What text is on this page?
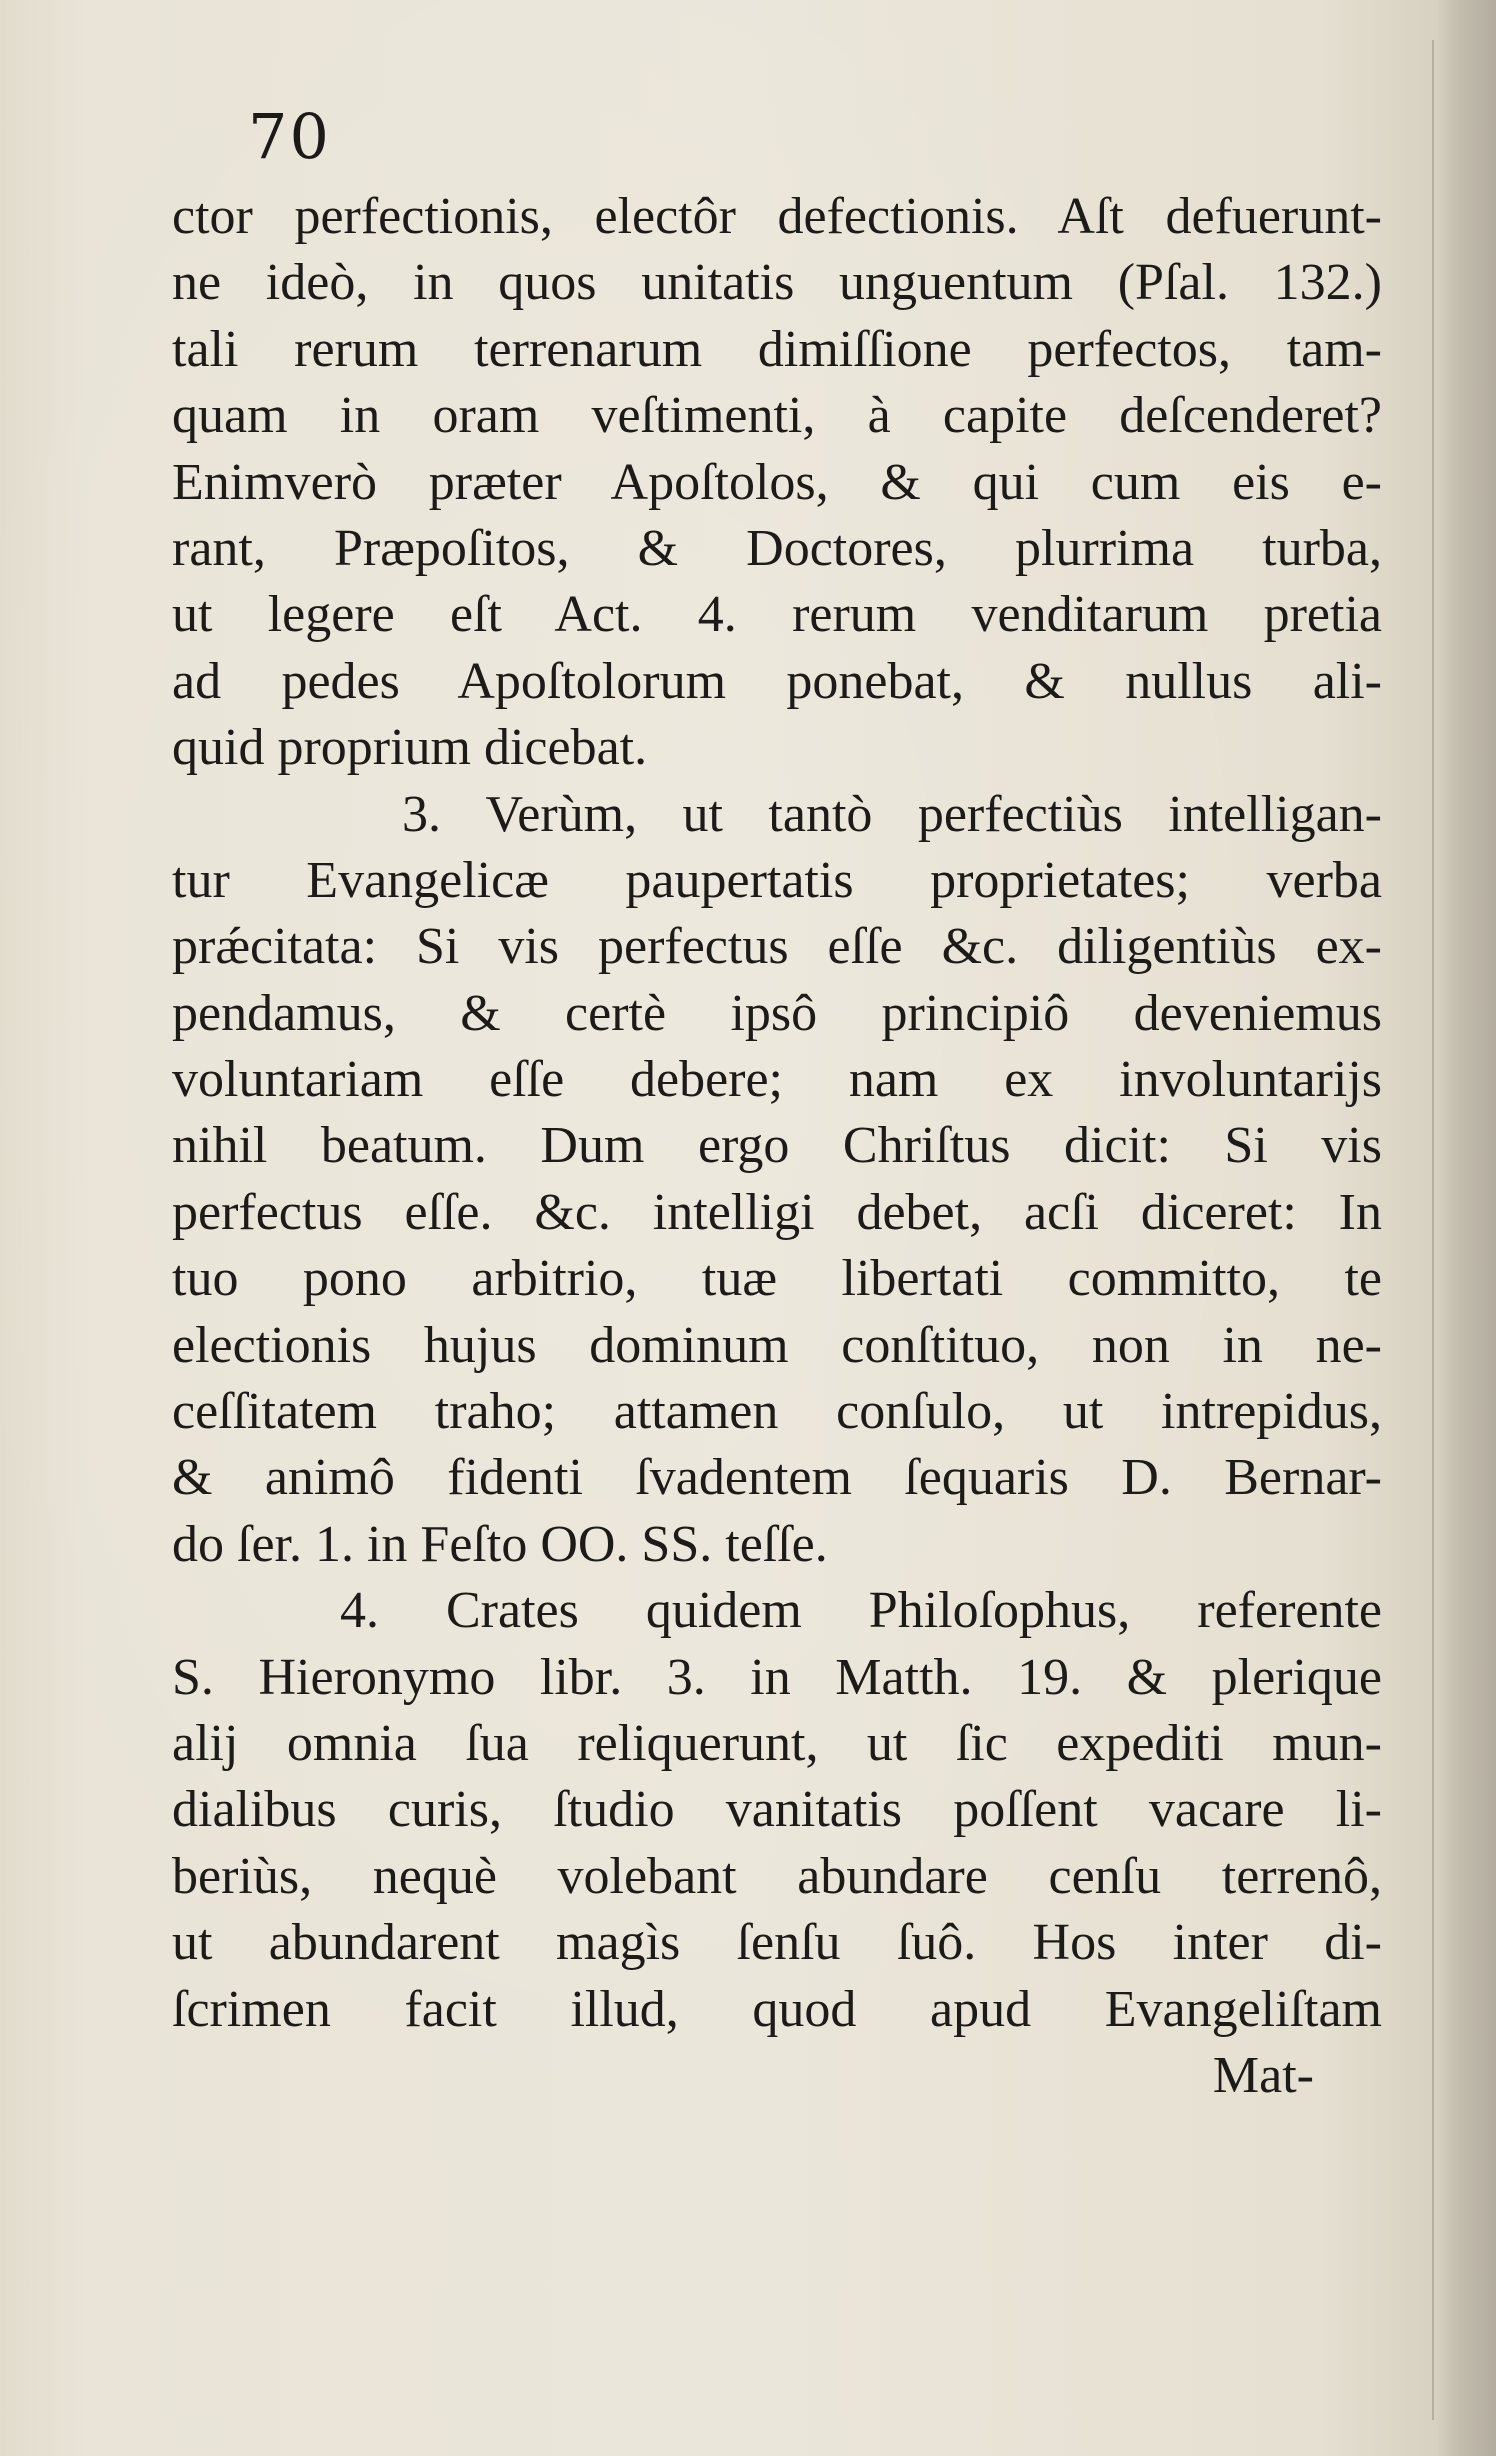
70
ctor perfectionis, electôr defectionis. Aſt defuerunt-
ne ideò, in quos unitatis unguentum (Pſal. 132.)
tali rerum terrenarum dimiſſione perfectos, tam-
quam in oram veſtimenti, à capite deſcenderet?
Enimverò præter Apoſtolos, & qui cum eis e-
rant, Præpoſitos, & Doctores, plurrima turba,
ut legere eſt Act. 4. rerum venditarum pretia
ad pedes Apoſtolorum ponebat, & nullus ali-
quid proprium dicebat.
3. Verùm, ut tantò perfectiùs intelligan-
tur Evangelicæ paupertatis proprietates; verba
prǽcitata: Si vis perfectus eſſe &c. diligentiùs ex-
pendamus, & certè ipsô principiô deveniemus
voluntariam eſſe debere; nam ex involuntarijs
nihil beatum. Dum ergo Chriſtus dicit: Si vis
perfectus eſſe. &c. intelligi debet, acſi diceret: In
tuo pono arbitrio, tuæ libertati committo, te
electionis hujus dominum conſtituo, non in ne-
ceſſitatem traho; attamen conſulo, ut intrepidus,
& animô fidenti ſvadentem ſequaris D. Bernar-
do ſer. 1. in Feſto OO. SS. teſſe.
4. Crates quidem Philoſophus, referente
S. Hieronymo libr. 3. in Matth. 19. & plerique
alij omnia ſua reliquerunt, ut ſic expediti mun-
dialibus curis, ſtudio vanitatis poſſent vacare li-
beriùs, nequè volebant abundare cenſu terrenô,
ut abundarent magìs ſenſu ſuô. Hos inter di-
ſcrimen facit illud, quod apud Evangeliſtam
Mat-
